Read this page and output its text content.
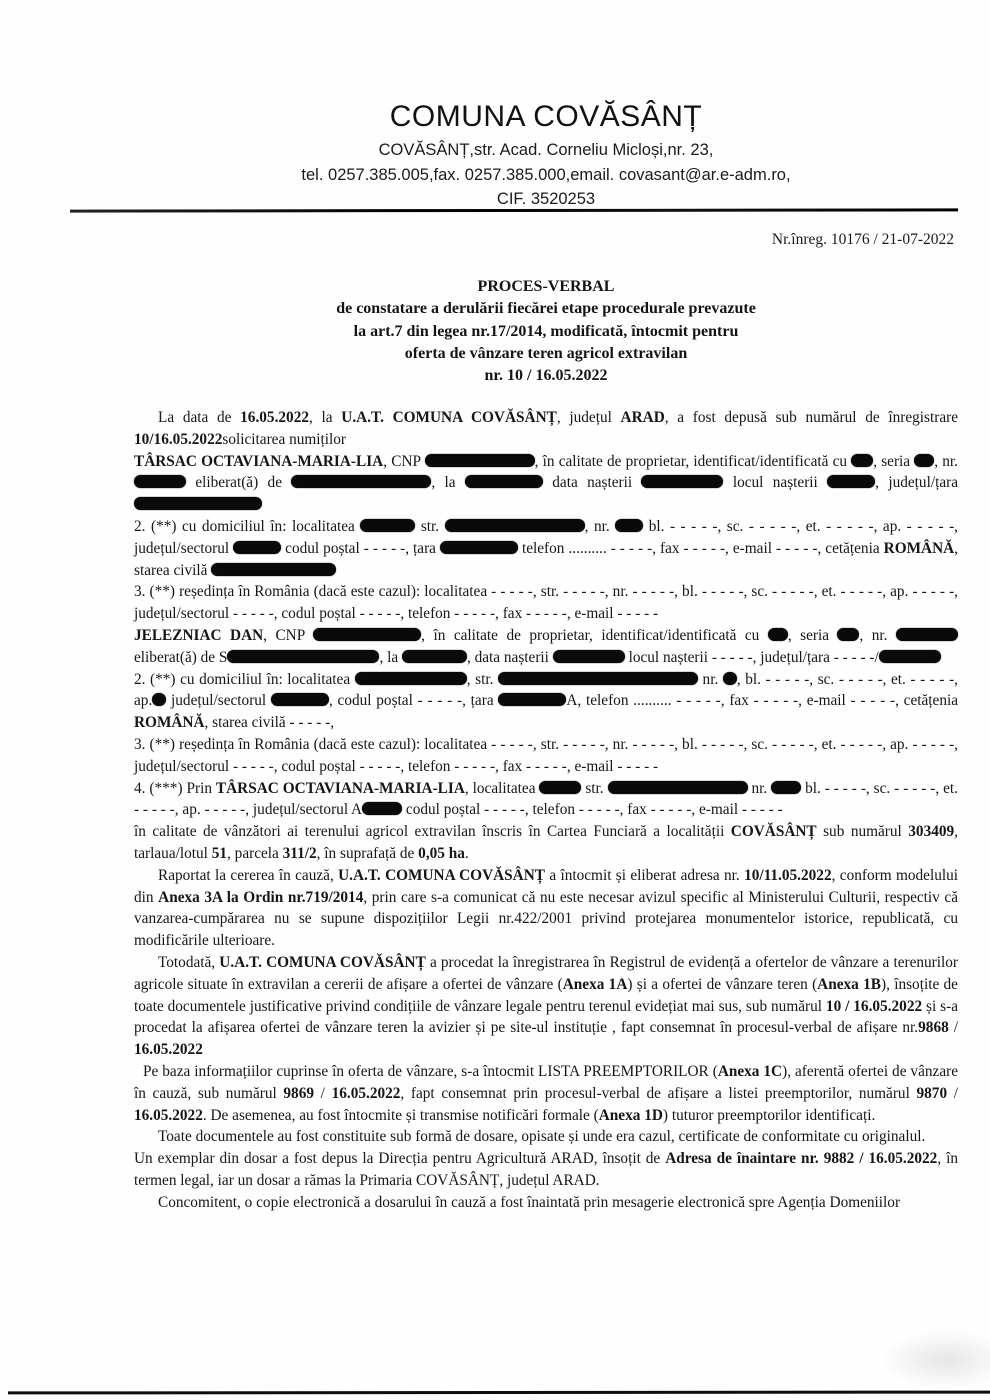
COMUNA COVĂSÂNȚ
COVĂSÂNȚ,str. Acad. Corneliu Micloși,nr. 23,
tel. 0257.385.005,fax. 0257.385.000,email. covasant@ar.e-adm.ro,
CIF. 3520253
Nr.înreg. 10176 / 21-07-2022
PROCES-VERBAL
de constatare a derulării fiecărei etape procedurale prevazute
la art.7 din legea nr.17/2014, modificată, întocmit pentru
oferta de vânzare teren agricol extravilan
nr. 10 / 16.05.2022

La data de 16.05.2022, la U.A.T. COMUNA COVĂSÂNȚ, județul ARAD, a fost depusă sub numărul de înregistrare 10/16.05.2022solicitarea numiților

TÂRSAC OCTAVIANA-MARIA-LIA, CNP	, în calitate de proprietar, identificat/identificată cu , seria , nr.  eliberat(ă) de	, la	data nașterii	locul nașterii	, județul/țara

2. (**) cu domiciliul în: localitatea	str.	, nr.  bl. - - - - -, sc. - - - - -, et. - - - - -, ap. - - - - -, județul/sectorul	codul poștal - - - - -, țara	telefon .......... - - - - -, fax - - - - -, e-mail - - - - -, cetățenia ROMÂNĂ, starea civilă

3. (**) reședința în România (dacă este cazul): localitatea - - - - -, str. - - - - -, nr. - - - - -, bl. - - - - -, sc. - - - - -, et. - - - - -, ap. - - - - -, județul/sectorul - - - - -, codul poștal - - - - -, telefon - - - - -, fax - - - - -, e-mail - - - - -

JELEZNIAC DAN, CNP	, în calitate de proprietar, identificat/identificată cu , seria , nr.  eliberat(ă) de S	, la	, data nașterii	locul nașterii - - - - -, județul/țara - - - - -/

2. (**) cu domiciliul în: localitatea	, str.	nr. , bl. - - - - -, sc. - - - - -, et. - - - - -, ap. județul/sectorul	, codul poștal - - - - -, țara	A, telefon .......... - - - - -, fax - - - - -, e-mail - - - - -, cetățenia ROMÂNĂ, starea civilă - - - - -,

3. (**) reședința în România (dacă este cazul): localitatea - - - - -, str. - - - - -, nr. - - - - -, bl. - - - - -, sc. - - - - -, et. - - - - -, ap. - - - - -, județul/sectorul - - - - -, codul poștal - - - - -, telefon - - - - -, fax - - - - -, e-mail - - - - -

4. (***) Prin TÂRSAC OCTAVIANA-MARIA-LIA, localitatea	str.	nr.  bl. - - - - -, sc. - - - - -, et. - - - - -, ap. - - - - -, județul/sectorul A	codul poștal - - - - -, telefon - - - - -, fax - - - - -, e-mail - - - - -

în calitate de vânzători ai terenului agricol extravilan înscris în Cartea Funciară a localității COVĂSÂNȚ sub numărul 303409, tarlaua/lotul 51, parcela 311/2, în suprafață de 0,05 ha.

Raportat la cererea în cauză, U.A.T. COMUNA COVĂSÂNȚ a întocmit și eliberat adresa nr. 10/11.05.2022, conform modelului din Anexa 3A la Ordin nr.719/2014, prin care s-a comunicat că nu este necesar avizul specific al Ministerului Culturii, respectiv că vanzarea-cumpărarea nu se supune dispozițiilor Legii nr.422/2001 privind protejarea monumentelor istorice, republicată, cu modificările ulterioare.

Totodată, U.A.T. COMUNA COVĂSÂNȚ a procedat la înregistrarea în Registrul de evidență a ofertelor de vânzare a terenurilor agricole situate în extravilan a cererii de afișare a ofertei de vânzare (Anexa 1A) și a ofertei de vânzare teren (Anexa 1B), însoțite de toate documentele justificative privind condițiile de vânzare legale pentru terenul evidețiat mai sus, sub numărul 10 / 16.05.2022 și s-a procedat la afișarea ofertei de vânzare teren la avizier și pe site-ul instituție , fapt consemnat în procesul-verbal de afișare nr.9868 / 16.05.2022

Pe baza informațiilor cuprinse în oferta de vânzare, s-a întocmit LISTA PREEMPTORILOR (Anexa 1C), aferentă ofertei de vânzare în cauză, sub numărul 9869 / 16.05.2022, fapt consemnat prin procesul-verbal de afișare a listei preemptorilor, numărul 9870 / 16.05.2022. De asemenea, au fost întocmite și transmise notificări formale (Anexa 1D) tuturor preemptorilor identificați.

Toate documentele au fost constituite sub formă de dosare, opisate și unde era cazul, certificate de conformitate cu originalul.

Un exemplar din dosar a fost depus la Direcția pentru Agricultură ARAD, însoțit de Adresa de înaintare nr. 9882 / 16.05.2022, în termen legal, iar un dosar a rămas la Primaria COVĂSÂNȚ, județul ARAD.

Concomitent, o copie electronică a dosarului în cauză a fost înaintată prin mesagerie electronică spre Agenția Domeniilor
